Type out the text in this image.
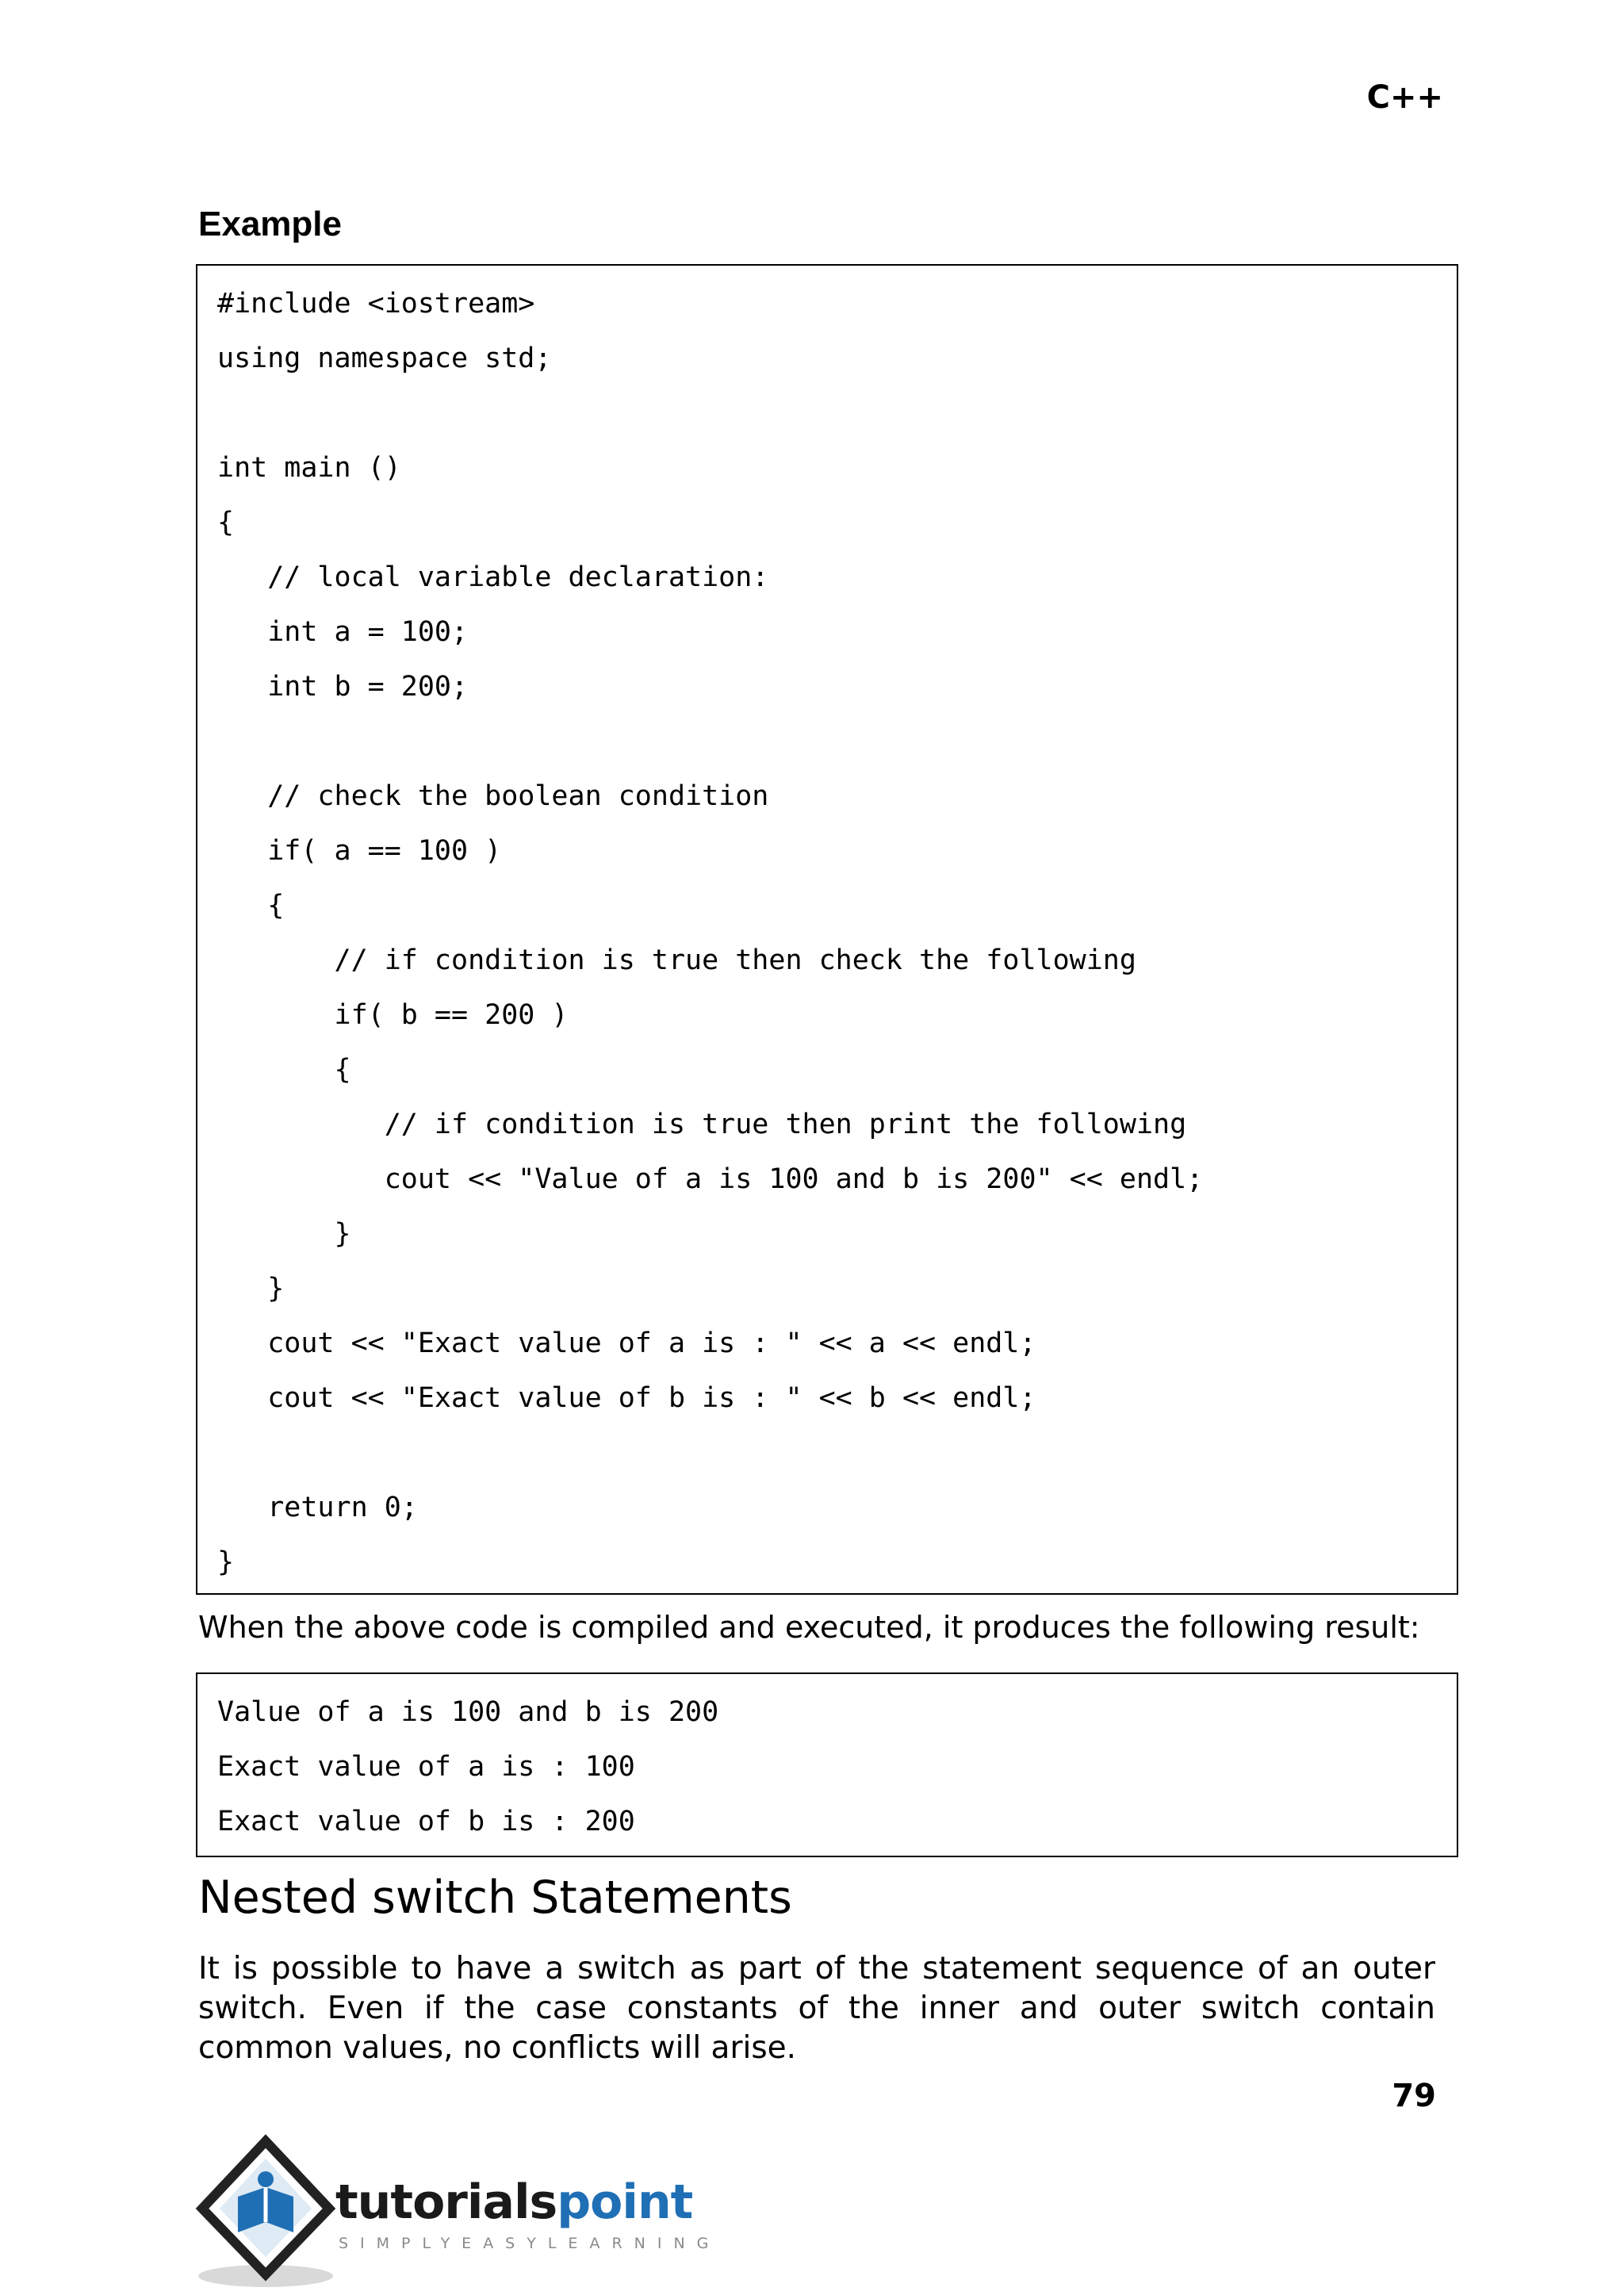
C++
Example
#include <iostream>
using namespace std;
int main ()
{
// local variable declaration:
int a = 100;
int b = 200;
// check the boolean condition
if( a == 100 )
{
// if condition is true then check the following
if( b == 200 )
{
// if condition is true then print the following
cout << "Value of a is 100 and b is 200" << endl;
}
}
cout << "Exact value of a is : " << a << endl;
cout << "Exact value of b is : " << b << endl;
return 0;
}
When the above code is compiled and executed, it produces the following result:
Value of a is 100 and b is 200
Exact value of a is : 100
Exact value of b is : 200
Nested switch Statements

It is possible to have a switch as part of the statement sequence of an outer switch. Even if the case constants of the inner and outer switch contain common values, no conflicts will arise.

79
tutorialspoint
SIMPLYEASYLEARNING
